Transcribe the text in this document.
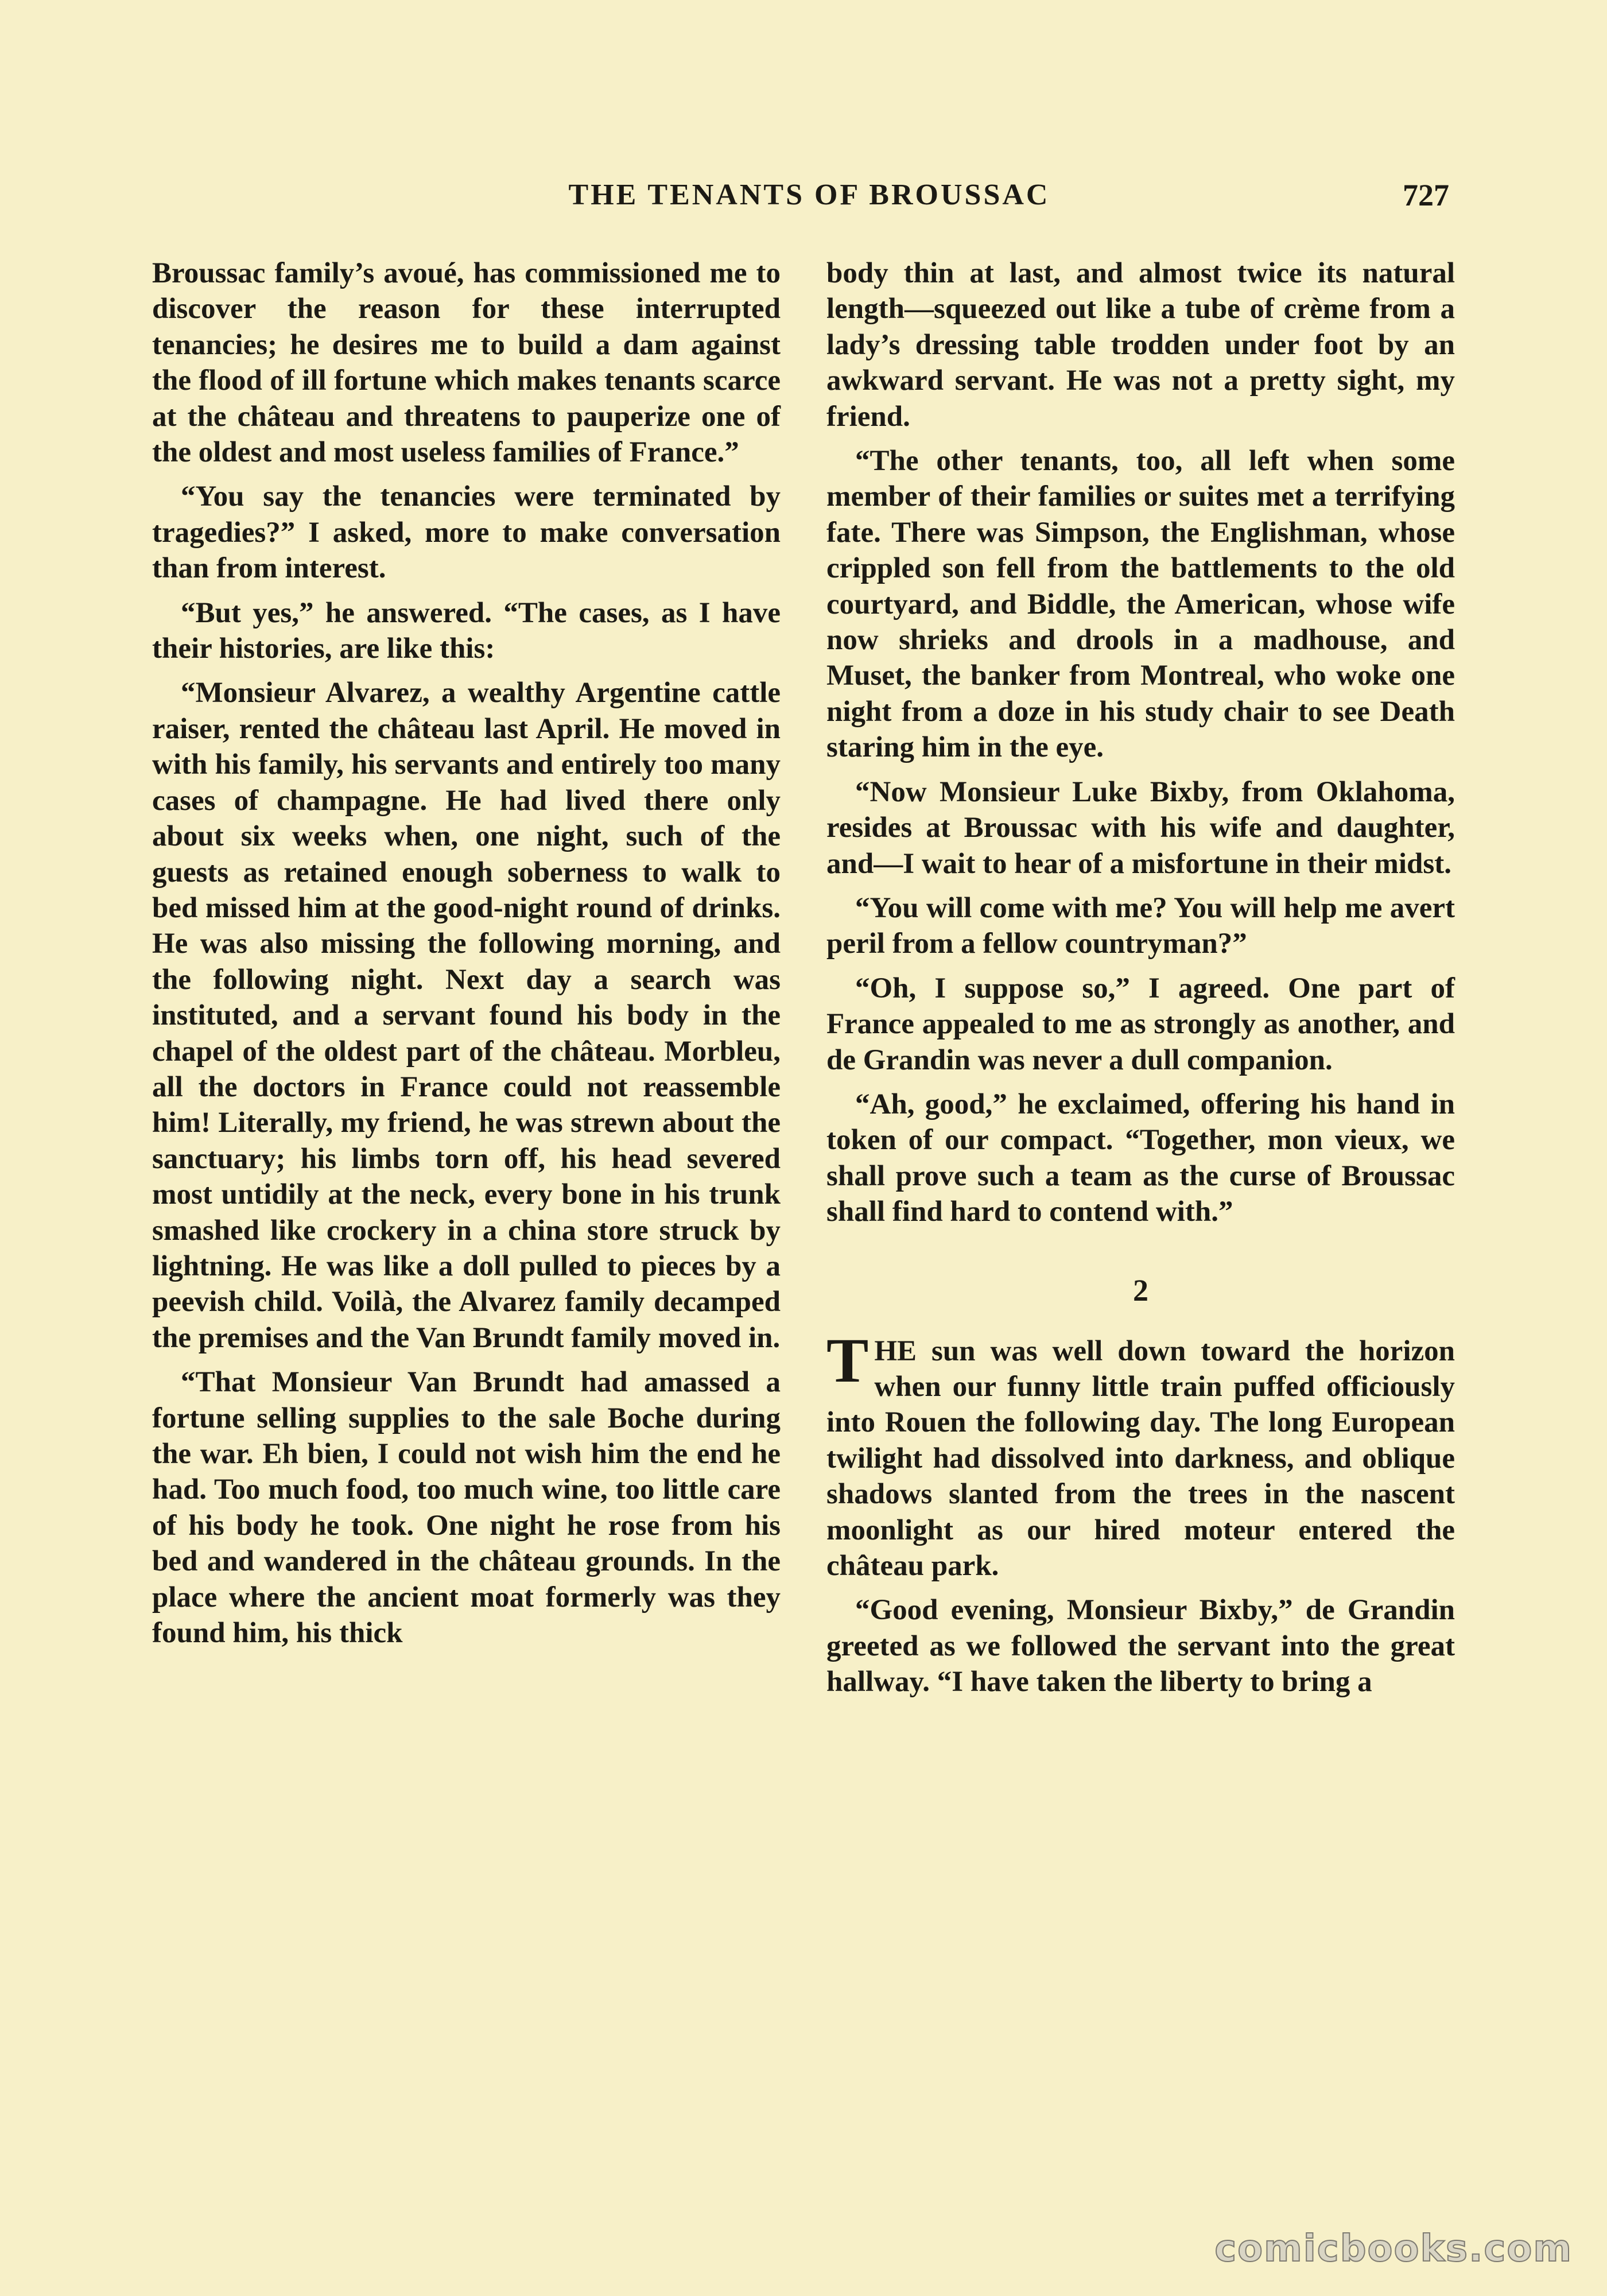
THE TENANTS OF BROUSSAC	727

Broussac family’s avoué, has commissioned me to discover the reason for these interrupted tenancies; he desires me to build a dam against the flood of ill fortune which makes tenants scarce at the château and threatens to pauperize one of the oldest and most useless families of France.”

“You say the tenancies were terminated by tragedies?” I asked, more to make conversation than from interest.

“But yes,” he answered. “The cases, as I have their histories, are like this:

“Monsieur Alvarez, a wealthy Argentine cattle raiser, rented the château last April. He moved in with his family, his servants and entirely too many cases of champagne. He had lived there only about six weeks when, one night, such of the guests as retained enough soberness to walk to bed missed him at the good-night round of drinks. He was also missing the following morning, and the following night. Next day a search was instituted, and a servant found his body in the chapel of the oldest part of the château. Morbleu, all the doctors in France could not reassemble him! Literally, my friend, he was strewn about the sanctuary; his limbs torn off, his head severed most untidily at the neck, every bone in his trunk smashed like crockery in a china store struck by lightning. He was like a doll pulled to pieces by a peevish child. Voilà, the Alvarez family decamped the premises and the Van Brundt family moved in.

“That Monsieur Van Brundt had amassed a fortune selling supplies to the sale Boche during the war. Eh bien, I could not wish him the end he had. Too much food, too much wine, too little care of his body he took. One night he rose from his bed and wandered in the château grounds. In the place where the ancient moat formerly was they found him, his thick

body thin at last, and almost twice its natural length—squeezed out like a tube of crème from a lady’s dressing table trodden under foot by an awkward servant. He was not a pretty sight, my friend.

“The other tenants, too, all left when some member of their families or suites met a terrifying fate. There was Simpson, the Englishman, whose crippled son fell from the battlements to the old courtyard, and Biddle, the American, whose wife now shrieks and drools in a madhouse, and Muset, the banker from Montreal, who woke one night from a doze in his study chair to see Death staring him in the eye.

“Now Monsieur Luke Bixby, from Oklahoma, resides at Broussac with his wife and daughter, and—I wait to hear of a misfortune in their midst.

“You will come with me? You will help me avert peril from a fellow countryman?”

“Oh, I suppose so,” I agreed. One part of France appealed to me as strongly as another, and de Grandin was never a dull companion.

“Ah, good,” he exclaimed, offering his hand in token of our compact. “Together, mon vieux, we shall prove such a team as the curse of Broussac shall find hard to contend with.”

2

THE sun was well down toward the horizon when our funny little train puffed officiously into Rouen the following day. The long European twilight had dissolved into darkness, and oblique shadows slanted from the trees in the nascent moonlight as our hired moteur entered the château park.

“Good evening, Monsieur Bixby,” de Grandin greeted as we followed the servant into the great hallway. “I have taken the liberty to bring a

comicbooks.com
